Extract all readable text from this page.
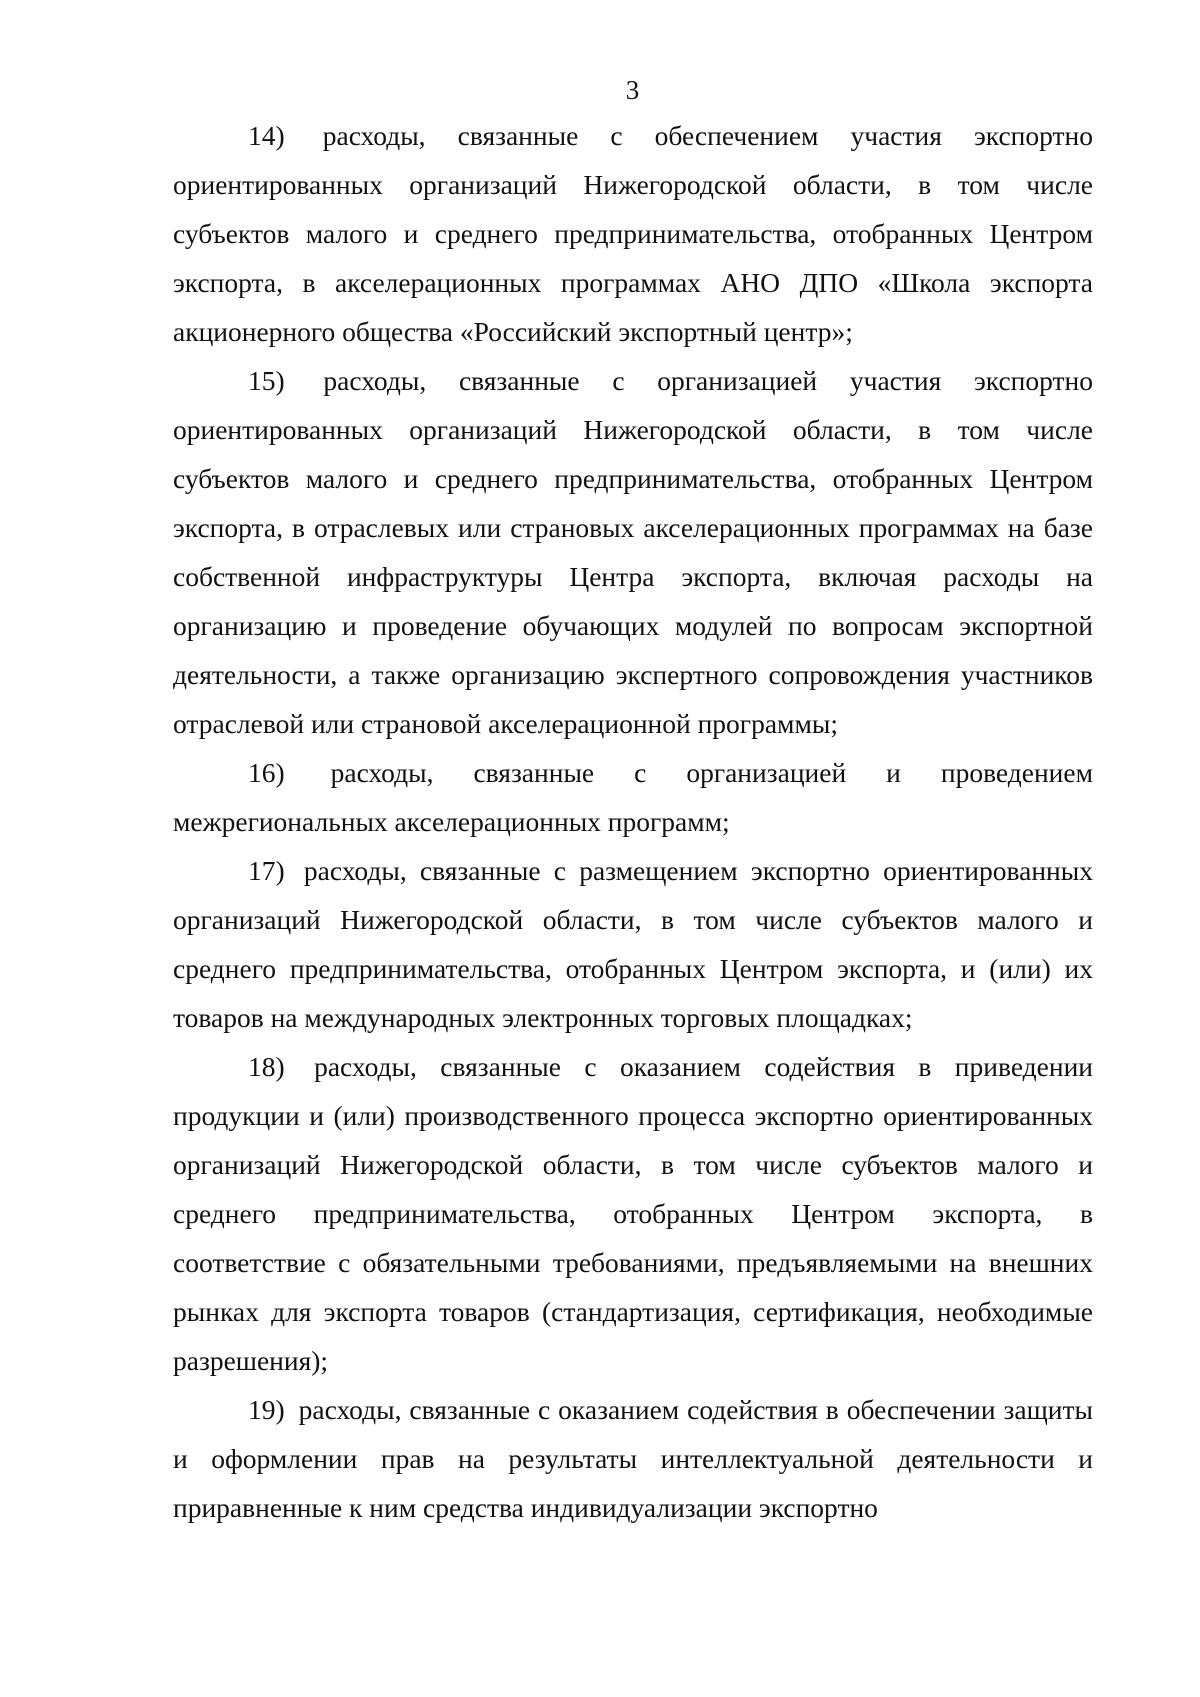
3

14) расходы, связанные с обеспечением участия экспортно ориентированных организаций Нижегородской области, в том числе субъектов малого и среднего предпринимательства, отобранных Центром экспорта, в акселерационных программах АНО ДПО «Школа экспорта акционерного общества «Российский экспортный центр»;

15) расходы, связанные с организацией участия экспортно ориентированных организаций Нижегородской области, в том числе субъектов малого и среднего предпринимательства, отобранных Центром экспорта, в отраслевых или страновых акселерационных программах на базе собственной инфраструктуры Центра экспорта, включая расходы на организацию и проведение обучающих модулей по вопросам экспортной деятельности, а также организацию экспертного сопровождения участников отраслевой или страновой акселерационной программы;

16) расходы, связанные с организацией и проведением межрегиональных акселерационных программ;

17) расходы, связанные с размещением экспортно ориентированных организаций Нижегородской области, в том числе субъектов малого и среднего предпринимательства, отобранных Центром экспорта, и (или) их товаров на международных электронных торговых площадках;

18) расходы, связанные с оказанием содействия в приведении продукции и (или) производственного процесса экспортно ориентированных организаций Нижегородской области, в том числе субъектов малого и среднего предпринимательства, отобранных Центром экспорта, в соответствие с обязательными требованиями, предъявляемыми на внешних рынках для экспорта товаров (стандартизация, сертификация, необходимые разрешения);

19) расходы, связанные с оказанием содействия в обеспечении защиты и оформлении прав на результаты интеллектуальной деятельности и приравненные к ним средства индивидуализации экспортно
